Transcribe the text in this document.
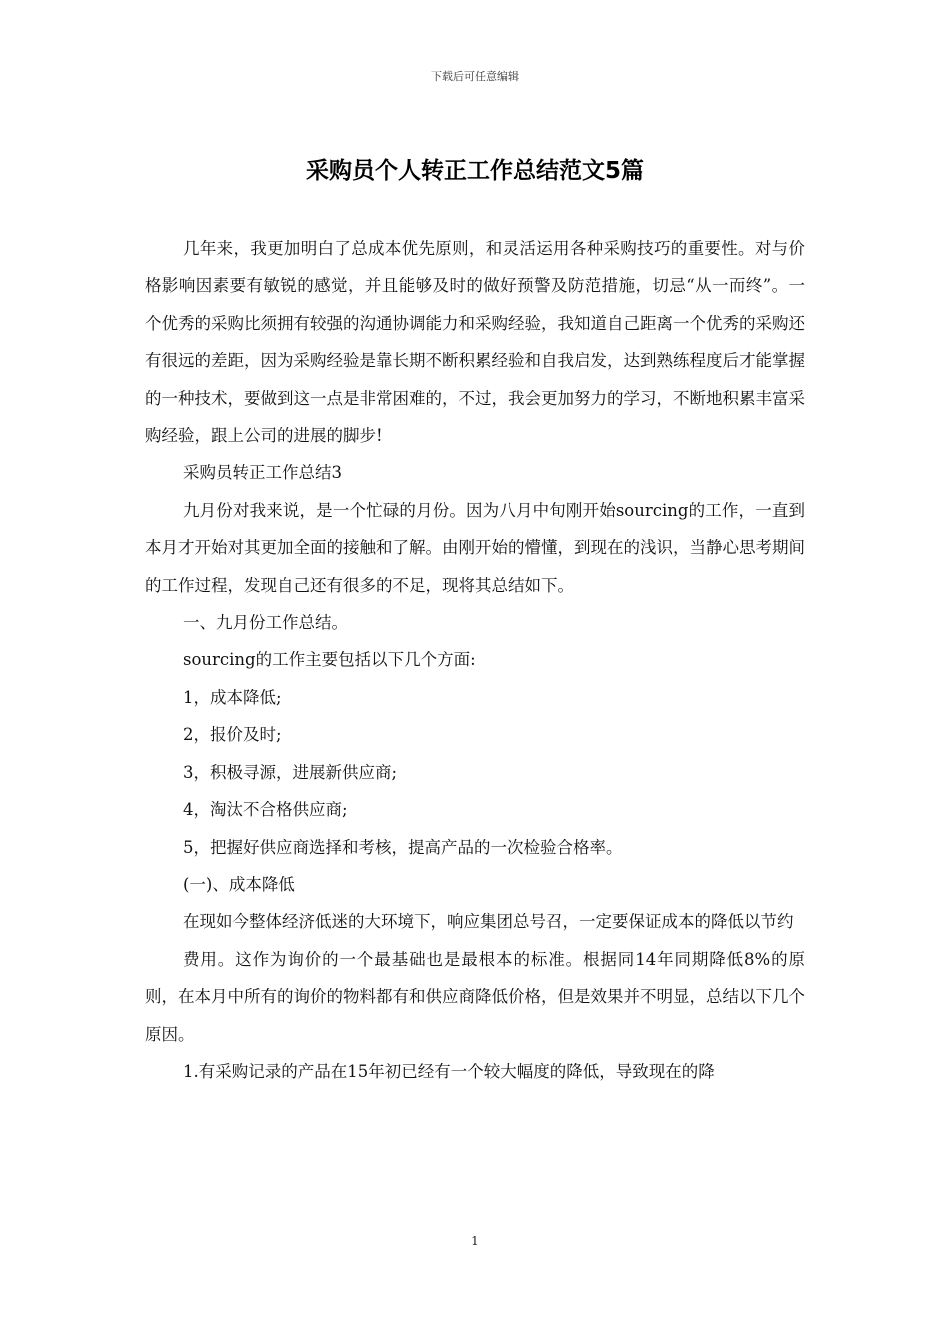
下载后可任意编辑
采购员个人转正工作总结范文5篇

几年来，我更加明白了总成本优先原则，和灵活运用各种采购技巧的重要性。对与价格影响因素要有敏锐的感觉，并且能够及时的做好预警及防范措施，切忌“从一而终”。一个优秀的采购比须拥有较强的沟通协调能力和采购经验，我知道自己距离一个优秀的采购还有很远的差距，因为采购经验是靠长期不断积累经验和自我启发，达到熟练程度后才能掌握的一种技术，要做到这一点是非常困难的，不过，我会更加努力的学习，不断地积累丰富采购经验，跟上公司的进展的脚步!

采购员转正工作总结3

九月份对我来说，是一个忙碌的月份。因为八月中旬刚开始sourcing的工作，一直到本月才开始对其更加全面的接触和了解。由刚开始的懵懂，到现在的浅识，当静心思考期间的工作过程，发现自己还有很多的不足，现将其总结如下。

一、九月份工作总结。

sourcing的工作主要包括以下几个方面:

1，成本降低;

2，报价及时;

3，积极寻源，进展新供应商;

4，淘汰不合格供应商;

5，把握好供应商选择和考核，提高产品的一次检验合格率。

(一)、成本降低

在现如今整体经济低迷的大环境下，响应集团总号召，一定要保证成本的降低以节约

费用。这作为询价的一个最基础也是最根本的标准。根据同14年同期降低8%的原则，在本月中所有的询价的物料都有和供应商降低价格，但是效果并不明显，总结以下几个原因。

1.有采购记录的产品在15年初已经有一个较大幅度的降低，导致现在的降

1
